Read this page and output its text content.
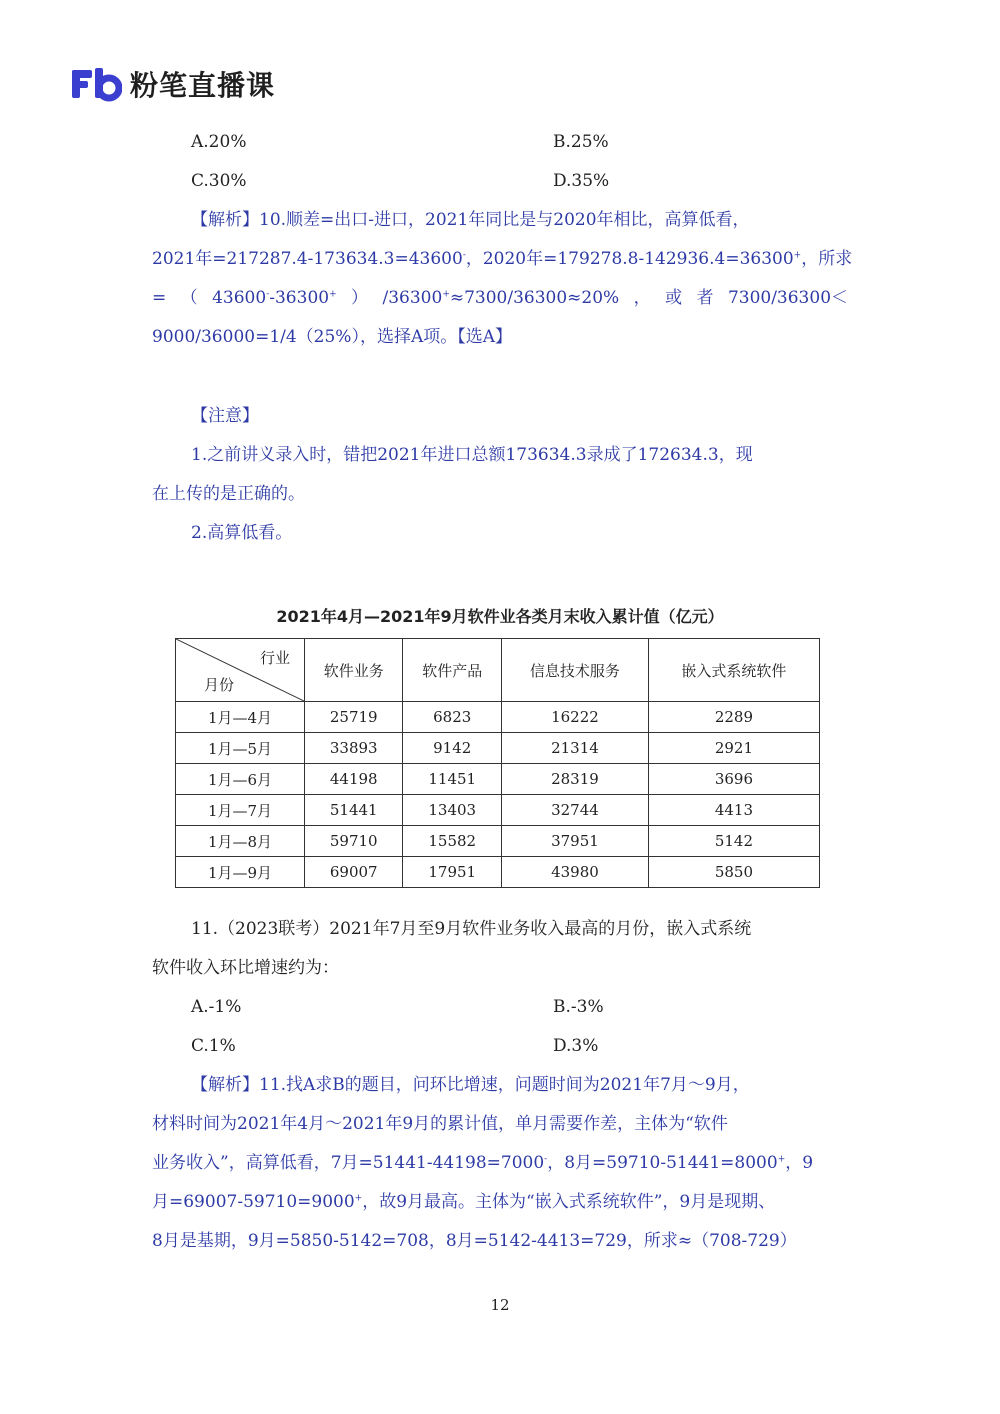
粉笔直播课
A.20%	B.25%
C.30%	D.35%
【解析】10.顺差=出口-进口，2021年同比是与2020年相比，高算低看，
2021年=217287.4-173634.3=43600-，2020年=179278.8-142936.4=36300+，所求
=（43600--36300+）/36300+≈7300/36300≈20%，或者7300/36300＜
9000/36000=1/4（25%），选择A项。【选A】
【注意】
1.之前讲义录入时，错把2021年进口总额173634.3录成了172634.3，现
在上传的是正确的。
2.高算低看。
2021年4月—2021年9月软件业各类月末收入累计值（亿元）
行业
月份	软件业务	软件产品	信息技术服务	嵌入式系统软件
1月—4月	25719	6823	16222	2289
1月—5月	33893	9142	21314	2921
1月—6月	44198	11451	28319	3696
1月—7月	51441	13403	32744	4413
1月—8月	59710	15582	37951	5142
1月—9月	69007	17951	43980	5850
11.（2023联考）2021年7月至9月软件业务收入最高的月份，嵌入式系统
软件收入环比增速约为：
A.-1%	B.-3%
C.1%	D.3%
【解析】11.找A求B的题目，问环比增速，问题时间为2021年7月～9月，
材料时间为2021年4月～2021年9月的累计值，单月需要作差，主体为“软件
业务收入”，高算低看，7月=51441-44198=7000-，8月=59710-51441=8000+，9
月=69007-59710=9000+，故9月最高。主体为“嵌入式系统软件”，9月是现期、
8月是基期，9月=5850-5142=708，8月=5142-4413=729，所求≈（708-729）
12
